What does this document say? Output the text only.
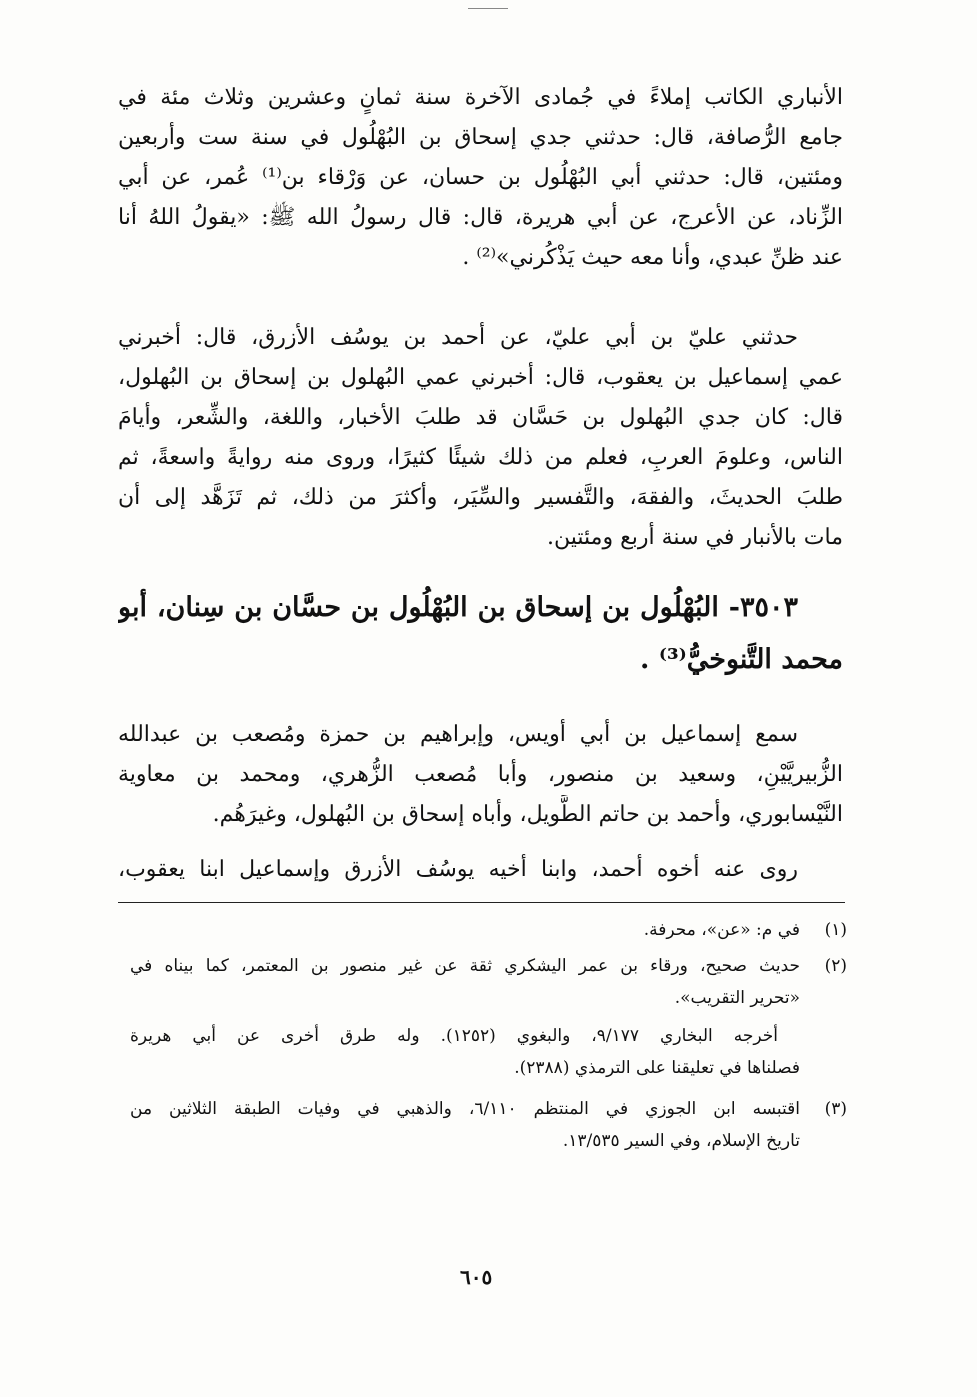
الأنباري الكاتب إملاءً في جُمادى الآخرة سنة ثمانٍ وعشرين وثلاث مئة في
جامع الرُّصافة، قال: حدثني جدي إسحاق بن البُهْلُول في سنة ست وأربعين
ومئتين، قال: حدثني أبي البُهْلُول بن حسان، عن وَرْقاء بن⁽¹⁾ عُمر، عن أبي
الزِّناد، عن الأعرج، عن أبي هريرة، قال: قال رسولُ الله ﷺ: «يقولُ اللهُ أنا
عند ظنِّ عبدي، وأنا معه حيث يَذْكُرني»⁽²⁾ .
حدثني عليّ بن أبي عليّ، عن أحمد بن يوسُف الأزرق، قال: أخبرني
عمي إسماعيل بن يعقوب، قال: أخبرني عمي البُهلول بن إسحاق بن البُهلول،
قال: كان جدي البُهلول بن حَسَّان قد طلبَ الأخبار، واللغة، والشِّعر، وأيامَ
الناس، وعلومَ العربِ، فعلم من ذلك شيئًا كثيرًا، وروى منه روايةً واسعةً، ثم
طلبَ الحديثَ، والفقهَ، والتَّفسير والسِّيَر، وأكثرَ من ذلك، ثم تَزَهَّد إلى أن
مات بالأنبار في سنة أربع ومئتين.
٣٥٠٣- البُهْلُول بن إسحاق بن البُهْلُول بن حسَّان بن سِنان، أبو
محمد التَّنوخيُّ⁽³⁾ .
سمع إسماعيل بن أبي أويس، وإبراهيم بن حمزة ومُصعب بن عبدالله
الزُّبيريَّيْنِ، وسعيد بن منصور، وأبا مُصعب الزُّهري، ومحمد بن معاوية
النَّيْسابوري، وأحمد بن حاتم الطَّويل، وأباه إسحاق بن البُهلول، وغيرَهُم.
روى عنه أخوه أحمد، وابنا أخيه يوسُف الأزرق وإسماعيل ابنا يعقوب،
(١)
في م: «عن»، محرفة.
(٢)
حديث صحيح، ورقاء بن عمر اليشكري ثقة عن غير منصور بن المعتمر، كما بيناه في
«تحرير التقريب».
أخرجه البخاري ٩/١٧٧، والبغوي (١٢٥٢). وله طرق أخرى عن أبي هريرة
فصلناها في تعليقنا على الترمذي (٢٣٨٨).
(٣)
اقتبسه ابن الجوزي في المنتظم ٦/١١٠، والذهبي في وفيات الطبقة الثلاثين من
تاريخ الإسلام، وفي السير ١٣/٥٣٥.
٦٠٥
